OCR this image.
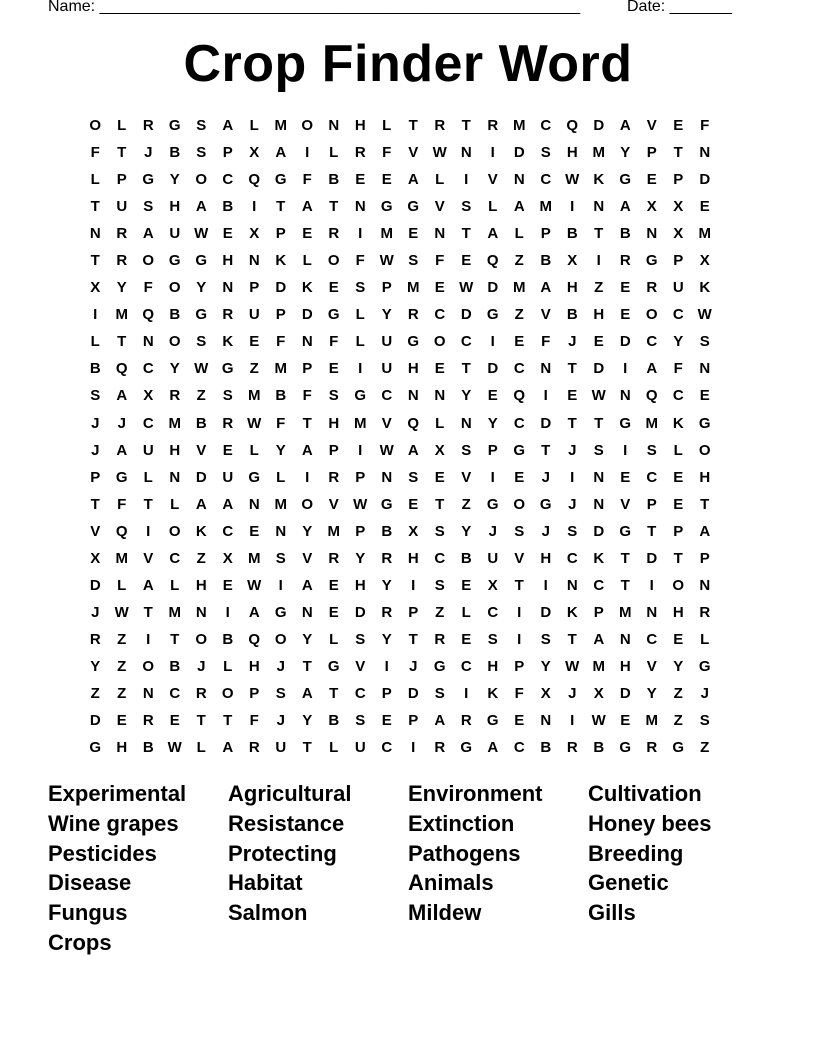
Name: ______________________________________________________	Date: _______
Crop Finder Word
O	L	R	G	S	A	L	M O	N	H	L	T	R	T	R M C	Q	D	A	V	E	F
F	T	J	B	S	P	X	A	I	L	R	F	V W N	I	D	S	H M	Y	P	T	N
L	P	G	Y	O	C	Q G	F	B	E	E	A	L	I	V	N	C W K	G	E	P	D
T	U	S	H	A	B	I	T	A	T	N	G G	V	S	L	A M	I	N	A	X	X	E
N	R	A	U W E	X	P	E	R	I	M	E	N	T	A	L	P	B	T	B	N	X	M
T	R	O G G	H	N	K	L	O	F W S	F	E	Q	Z	B	X	I	R	G	P	X
X	Y	F	O	Y	N	P	D	K	E	S	P	M	E W D M A	H	Z	E	R	U	K
I	M Q	B	G	R	U	P	D	G	L	Y	R	C	D	G	Z	V	B	H	E	O	C W
L	T	N	O	S	K	E	F	N	F	L	U	G O	C	I	E	F	J	E	D	C	Y	S
B	Q	C	Y W G	Z	M	P	E	I	U	H	E	T	D	C	N	T	D	I	A	F	N
S	A	X	R	Z	S	M B	F	S	G	C	N	N	Y	E	Q	I	E W N	Q	C	E
J	J	C M B	R W F	T	H M	V	Q	L	N	Y	C	D	T	T	G M K	G
J	A	U	H	V	E	L	Y	A	P	I	W A	X	S	P	G	T	J	S	I	S	L	O
P	G	L	N	D	U	G	L	I	R	P	N	S	E	V	I	E	J	I	N	E	C	E	H
T	F	T	L	A	A	N M O	V W G	E	T	Z	G O G	J	N	V	P	E	T
V	Q	I	O	K	C	E	N	Y	M	P	B	X	S	Y	J	S	J	S	D	G	T	P	A
X	M	V	C	Z	X	M	S	V	R	Y	R	H	C	B	U	V	H	C	K	T	D	T	P
D	L	A	L	H	E W	I	A	E	H	Y	I	S	E	X	T	I	N	C	T	I	O	N
J	W T	M N	I	A	G	N	E	D	R	P	Z	L	C	I	D	K	P	M N	H	R
R	Z	I	T	O	B	Q O	Y	L	S	Y	T	R	E	S	I	S	T	A	N	C	E	L
Y	Z	O	B	J	L	H	J	T	G	V	I	J	G	C	H	P	Y W M H	V	Y	G
Z	Z	N	C	R	O	P	S	A	T	C	P	D	S	I	K	F	X	J	X	D	Y	Z	J
D	E	R	E	T	T	F	J	Y	B	S	E	P	A	R	G	E	N	I	W E	M	Z	S
G	H	B W L	A	R	U	T	L	U	C	I	R	G	A	C	B	R	B	G	R	G	Z
Experimental
Wine grapes
Pesticides
Disease
Fungus
Crops
Agricultural
Resistance
Protecting
Habitat
Salmon
Environment
Extinction
Pathogens
Animals
Mildew
Cultivation
Honey bees
Breeding
Genetic
Gills
